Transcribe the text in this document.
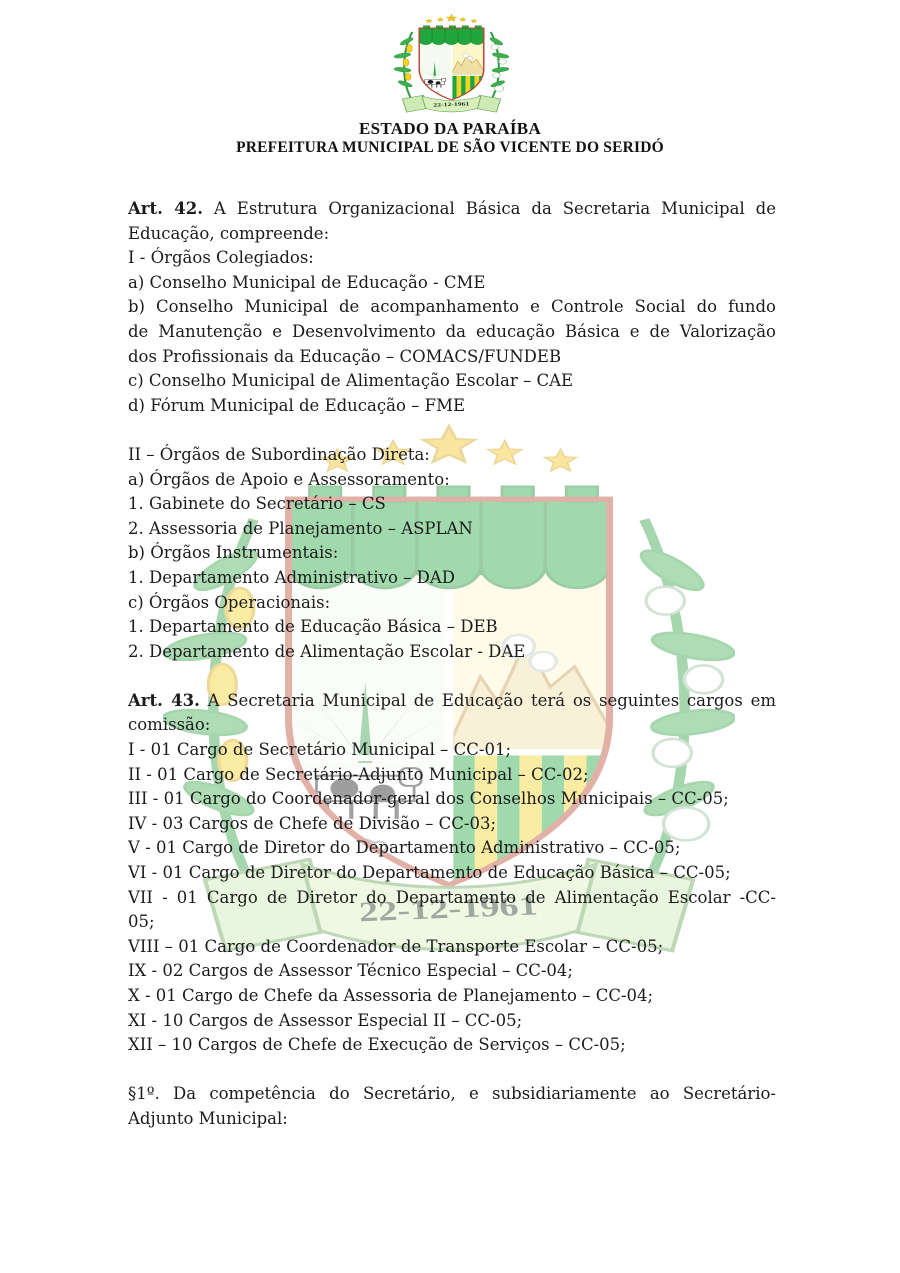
ESTADO DA PARAÍBA
PREFEITURA MUNICIPAL DE SÃO VICENTE DO SERIDÓ
Art. 42. A Estrutura Organizacional Básica da Secretaria Municipal de
Educação, compreende:
I - Órgãos Colegiados:
a) Conselho Municipal de Educação - CME
b) Conselho Municipal de acompanhamento e Controle Social do fundo
de Manutenção e Desenvolvimento da educação Básica e de Valorização
dos Profissionais da Educação – COMACS/FUNDEB
c) Conselho Municipal de Alimentação Escolar – CAE
d) Fórum Municipal de Educação – FME
II – Órgãos de Subordinação Direta:
a) Órgãos de Apoio e Assessoramento:
1. Gabinete do Secretário – CS
2. Assessoria de Planejamento – ASPLAN
b) Órgãos Instrumentais:
1. Departamento Administrativo – DAD
c) Órgãos Operacionais:
1. Departamento de Educação Básica – DEB
2. Departamento de Alimentação Escolar - DAE
Art. 43. A Secretaria Municipal de Educação terá os seguintes cargos em
comissão:
I - 01 Cargo de Secretário Municipal – CC-01;
II - 01 Cargo de Secretário-Adjunto Municipal – CC-02;
III - 01 Cargo do Coordenador-geral dos Conselhos Municipais – CC-05;
IV - 03 Cargos de Chefe de Divisão – CC-03;
V - 01 Cargo de Diretor do Departamento Administrativo – CC-05;
VI - 01 Cargo de Diretor do Departamento de Educação Básica – CC-05;
VII - 01 Cargo de Diretor do Departamento de Alimentação Escolar -CC-
05;
VIII – 01 Cargo de Coordenador de Transporte Escolar – CC-05;
IX - 02 Cargos de Assessor Técnico Especial – CC-04;
X - 01 Cargo de Chefe da Assessoria de Planejamento – CC-04;
XI - 10 Cargos de Assessor Especial II – CC-05;
XII – 10 Cargos de Chefe de Execução de Serviços – CC-05;
§1º. Da competência do Secretário, e subsidiariamente ao Secretário-
Adjunto Municipal:
